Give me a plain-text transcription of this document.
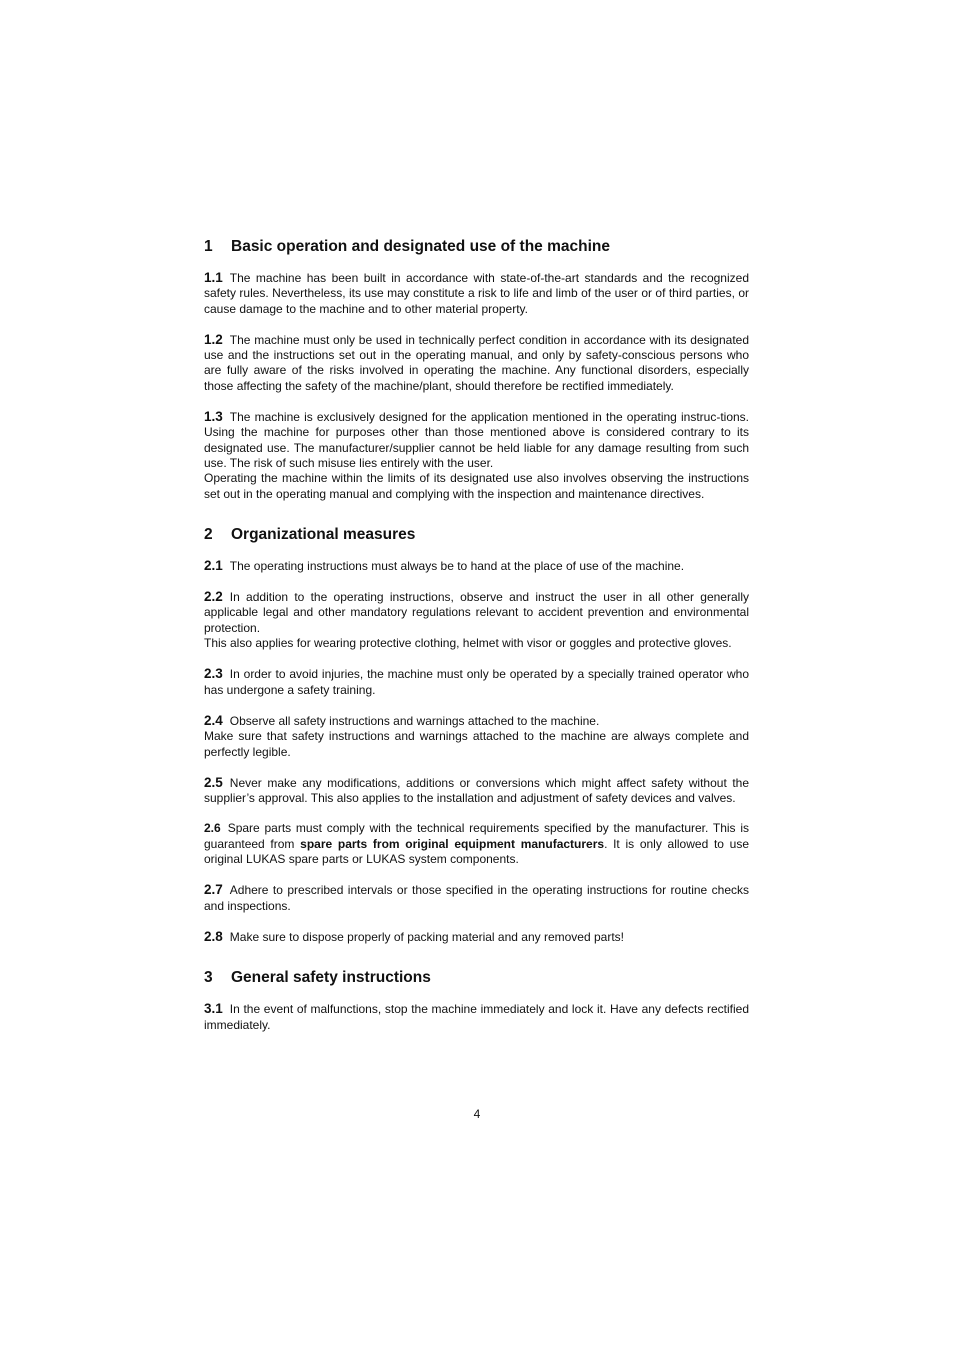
1	Basic operation and designated use of the machine

1.1 The machine has been built in accordance with state-of-the-art standards and the recognized safety rules. Nevertheless, its use may constitute a risk to life and limb of the user or of third parties, or cause damage to the machine and to other material property.

1.2 The machine must only be used in technically perfect condition in accordance with its designated use and the instructions set out in the operating manual, and only by safety-conscious persons who are fully aware of the risks involved in operating the machine. Any functional disorders, especially those affecting the safety of the machine/plant, should therefore be rectified immediately.

1.3 The machine is exclusively designed for the application mentioned in the operating instruc-tions. Using the machine for purposes other than those mentioned above is considered contrary to its designated use. The manufacturer/supplier cannot be held liable for any damage resulting from such use. The risk of such misuse lies entirely with the user.
Operating the machine within the limits of its designated use also involves observing the instructions set out in the operating manual and complying with the inspection and maintenance directives.

2	Organizational measures

2.1 The operating instructions must always be to hand at the place of use of the machine.

2.2 In addition to the operating instructions, observe and instruct the user in all other generally applicable legal and other mandatory regulations relevant to accident prevention and environmental protection.
This also applies for wearing protective clothing, helmet with visor or goggles and protective gloves.

2.3 In order to avoid injuries, the machine must only be operated by a specially trained operator who has undergone a safety training.

2.4 Observe all safety instructions and warnings attached to the machine.
Make sure that safety instructions and warnings attached to the machine are always complete and perfectly legible.

2.5 Never make any modifications, additions or conversions which might affect safety without the supplier’s approval. This also applies to the installation and adjustment of safety devices and valves.

2.6 Spare parts must comply with the technical requirements specified by the manufacturer. This is guaranteed from spare parts from original equipment manufacturers. It is only allowed to use original LUKAS spare parts or LUKAS system components.

2.7 Adhere to prescribed intervals or those specified in the operating instructions for routine checks and inspections.

2.8 Make sure to dispose properly of packing material and any removed parts!

3	General safety instructions

3.1 In the event of malfunctions, stop the machine immediately and lock it. Have any defects rectified immediately.

4
